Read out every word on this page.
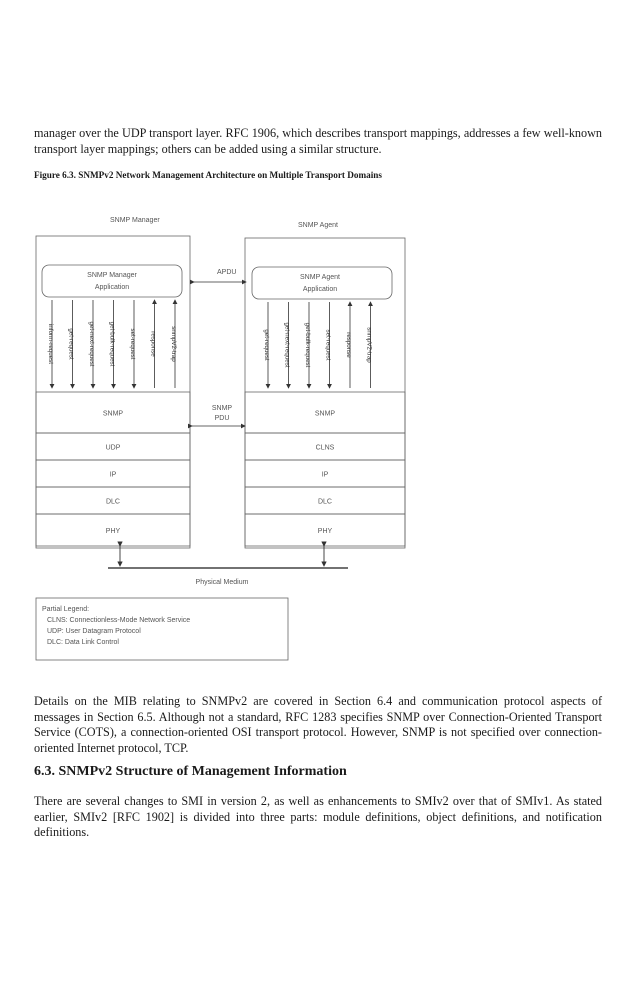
manager over the UDP transport layer. RFC 1906, which describes transport mappings, addresses a few well-known transport layer mappings; others can be added using a similar structure.

Figure 6.3. SNMPv2 Network Management Architecture on Multiple Transport Domains

SNMP Manager
SNMP Agent
SNMP Manager
Application
SNMP Agent
Application
APDU
inform-request get-request get-next-request get-bulk-request set-request response snmpV2-trap	get-request get-next-request get-bulk-request set-request response snmpV2-trap
SNMP
UDP
IP
DLC
PHY
SNMP
CLNS
IP
DLC
PHY
SNMP
PDU
Physical Medium
Partial Legend:
CLNS: Connectionless-Mode Network Service
UDP: User Datagram Protocol
DLC: Data Link Control

Details on the MIB relating to SNMPv2 are covered in Section 6.4 and communication protocol aspects of messages in Section 6.5. Although not a standard, RFC 1283 specifies SNMP over Connection-Oriented Transport Service (COTS), a connection-oriented OSI transport protocol. However, SNMP is not specified over connection-oriented Internet protocol, TCP.

6.3. SNMPv2 Structure of Management Information

There are several changes to SMI in version 2, as well as enhancements to SMIv2 over that of SMIv1. As stated earlier, SMIv2 [RFC 1902] is divided into three parts: module definitions, object definitions, and notification definitions.
